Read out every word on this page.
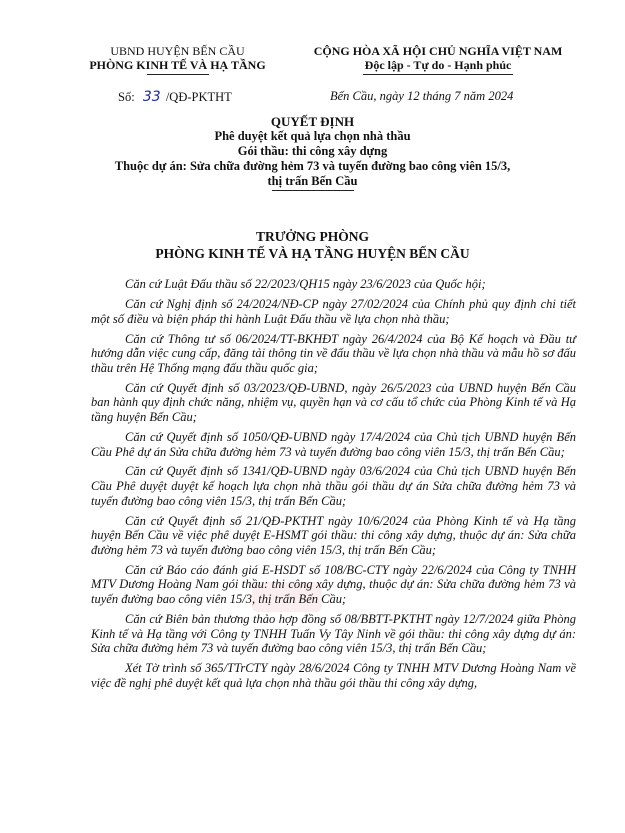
UBND HUYỆN BẾN CẦU
PHÒNG KINH TẾ VÀ HẠ TẦNG
CỘNG HÒA XÃ HỘI CHỦ NGHĨA VIỆT NAM
Độc lập - Tự do - Hạnh phúc
Số: 33 /QĐ-PKTHT	Bến Cầu, ngày 12 tháng 7 năm 2024
QUYẾT ĐỊNH
Phê duyệt kết quả lựa chọn nhà thầu
Gói thầu: thi công xây dựng
Thuộc dự án: Sửa chữa đường hẻm 73 và tuyến đường bao công viên 15/3,
thị trấn Bến Cầu
TRƯỞNG PHÒNG
PHÒNG KINH TẾ VÀ HẠ TẦNG HUYỆN BẾN CẦU

Căn cứ Luật Đấu thầu số 22/2023/QH15 ngày 23/6/2023 của Quốc hội;

Căn cứ Nghị định số 24/2024/NĐ-CP ngày 27/02/2024 của Chính phủ quy định chi tiết một số điều và biện pháp thi hành Luật Đấu thầu về lựa chọn nhà thầu;

Căn cứ Thông tư số 06/2024/TT-BKHĐT ngày 26/4/2024 của Bộ Kế hoạch và Đầu tư hướng dẫn việc cung cấp, đăng tải thông tin về đấu thầu về lựa chọn nhà thầu và mẫu hồ sơ đấu thầu trên Hệ Thống mạng đấu thầu quốc gia;

Căn cứ Quyết định số 03/2023/QĐ-UBND, ngày 26/5/2023 của UBND huyện Bến Cầu ban hành quy định chức năng, nhiệm vụ, quyền hạn và cơ cấu tổ chức của Phòng Kinh tế và Hạ tầng huyện Bến Cầu;

Căn cứ Quyết định số 1050/QĐ-UBND ngày 17/4/2024 của Chủ tịch UBND huyện Bến Cầu Phê dự án Sửa chữa đường hẻm 73 và tuyến đường bao công viên 15/3, thị trấn Bến Cầu;

Căn cứ Quyết định số 1341/QĐ-UBND ngày 03/6/2024 của Chủ tịch UBND huyện Bến Cầu Phê duyệt duyệt kế hoạch lựa chọn nhà thầu gói thầu dự án Sửa chữa đường hẻm 73 và tuyến đường bao công viên 15/3, thị trấn Bến Cầu;

Căn cứ Quyết định số 21/QĐ-PKTHT ngày 10/6/2024 của Phòng Kinh tế và Hạ tầng huyện Bến Cầu về việc phê duyệt E-HSMT gói thầu: thi công xây dựng, thuộc dự án: Sửa chữa đường hẻm 73 và tuyến đường bao công viên 15/3, thị trấn Bến Cầu;

Căn cứ Báo cáo đánh giá E-HSDT số 108/BC-CTY ngày 22/6/2024 của Công ty TNHH MTV Dương Hoàng Nam gói thầu: thi công xây dựng, thuộc dự án: Sửa chữa đường hẻm 73 và tuyến đường bao công viên 15/3, thị trấn Bến Cầu;

Căn cứ Biên bản thương thảo hợp đồng số 08/BBTT-PKTHT ngày 12/7/2024 giữa Phòng Kinh tế và Hạ tầng với Công ty TNHH Tuấn Vy Tây Ninh về gói thầu: thi công xây dựng dự án: Sửa chữa đường hẻm 73 và tuyến đường bao công viên 15/3, thị trấn Bến Cầu;

Xét Tờ trình số 365/TTrCTY ngày 28/6/2024 Công ty TNHH MTV Dương Hoàng Nam về việc đề nghị phê duyệt kết quả lựa chọn nhà thầu gói thầu thi công xây dựng,
